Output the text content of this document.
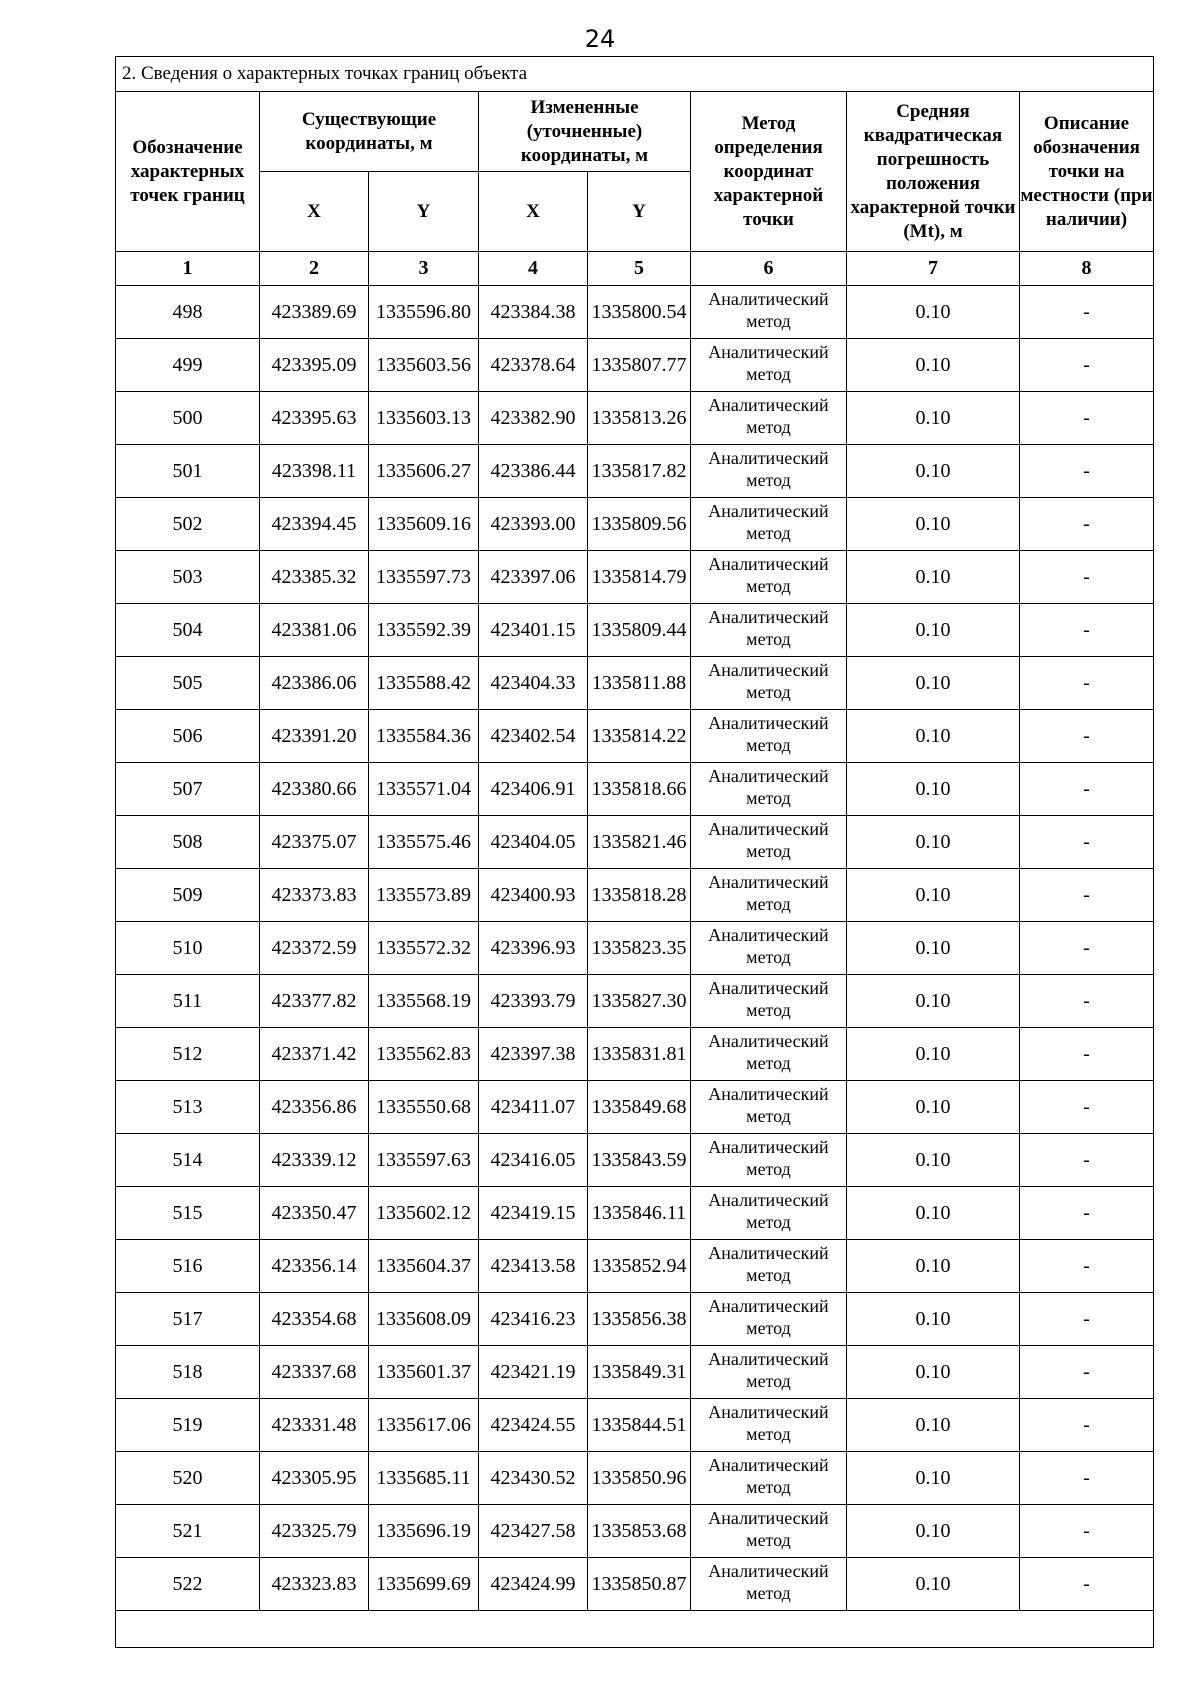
24
2. Сведения о характерных точках границ объекта							
Обозначение характерных точек границ	Существующие координаты, м		Измененные (уточненные) координаты, м		Метод определения координат характерной точки	Средняя квадратическая погрешность положения характерной точки (Mt), м	Описание обозначения точки на местности (при наличии)
	X	Y	X	Y			
1	2	3	4	5	6	7	8
498	423389.69	1335596.80	423384.38	1335800.54	Аналитический метод	0.10	-
499	423395.09	1335603.56	423378.64	1335807.77	Аналитический метод	0.10	-
500	423395.63	1335603.13	423382.90	1335813.26	Аналитический метод	0.10	-
501	423398.11	1335606.27	423386.44	1335817.82	Аналитический метод	0.10	-
502	423394.45	1335609.16	423393.00	1335809.56	Аналитический метод	0.10	-
503	423385.32	1335597.73	423397.06	1335814.79	Аналитический метод	0.10	-
504	423381.06	1335592.39	423401.15	1335809.44	Аналитический метод	0.10	-
505	423386.06	1335588.42	423404.33	1335811.88	Аналитический метод	0.10	-
506	423391.20	1335584.36	423402.54	1335814.22	Аналитический метод	0.10	-
507	423380.66	1335571.04	423406.91	1335818.66	Аналитический метод	0.10	-
508	423375.07	1335575.46	423404.05	1335821.46	Аналитический метод	0.10	-
509	423373.83	1335573.89	423400.93	1335818.28	Аналитический метод	0.10	-
510	423372.59	1335572.32	423396.93	1335823.35	Аналитический метод	0.10	-
511	423377.82	1335568.19	423393.79	1335827.30	Аналитический метод	0.10	-
512	423371.42	1335562.83	423397.38	1335831.81	Аналитический метод	0.10	-
513	423356.86	1335550.68	423411.07	1335849.68	Аналитический метод	0.10	-
514	423339.12	1335597.63	423416.05	1335843.59	Аналитический метод	0.10	-
515	423350.47	1335602.12	423419.15	1335846.11	Аналитический метод	0.10	-
516	423356.14	1335604.37	423413.58	1335852.94	Аналитический метод	0.10	-
517	423354.68	1335608.09	423416.23	1335856.38	Аналитический метод	0.10	-
518	423337.68	1335601.37	423421.19	1335849.31	Аналитический метод	0.10	-
519	423331.48	1335617.06	423424.55	1335844.51	Аналитический метод	0.10	-
520	423305.95	1335685.11	423430.52	1335850.96	Аналитический метод	0.10	-
521	423325.79	1335696.19	423427.58	1335853.68	Аналитический метод	0.10	-
522	423323.83	1335699.69	423424.99	1335850.87	Аналитический метод	0.10	-
